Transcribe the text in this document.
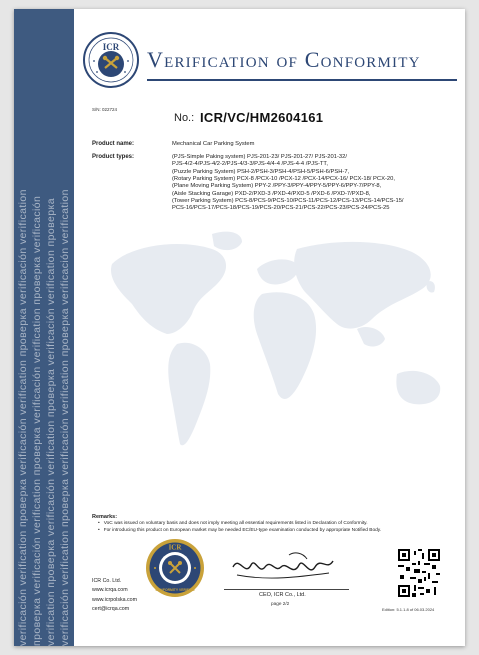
verificación verification проверка verificación verification проверка verificación verification
verification проверка verificación verification проверка verificación verification проверка
проверка verificación verification проверка verificación verification проверка verificación
verificación verification проверка verificación verification проверка verificación verification
ICR Verification of Conformity
S/N: 022724
No.: ICR/VC/HM2604161
Product name:	Mechanical Car Parking System
Product types:	(PJS-Simple Paking system) PJS-201-23/ PJS-201-27/ PJS-201-32/
PJS-4/2-4/PJS-4/2-2/PJS-4/3-3/PJS-4/4-4 /PJS-4-4 /PJS-TT,
(Puzzle Parking System) PSH-2/PSH-3/PSH-4/PSH-5/PSH-6/PSH-7,
(Rotary Parking System) PCX-8 /PCX-10 /PCX-12 /PCX-14/PCX-16/ PCX-18/ PCX-20,
(Plane Moving Parking System) PPY-2 /PPY-3/PPY-4/PPY-5/PPY-6/PPY-7/PPY-8,
(Aisle Stacking Garage) PXD-2/PXD-3 /PXD-4/PXD-5 /PXD-6 /PXD-7/PXD-8,
(Tower Parking System) PCS-8/PCS-9/PCS-10/PCS-11/PCS-12/PCS-13/PCS-14/PCS-15/
PCS-16/PCS-17/PCS-18/PCS-19/PCS-20/PCS-21/PCS-22/PCS-23/PCS-24/PCS-25
Remarks:
• VoC was issued on voluntary basis and does not imply meeting all essential requirements listed in Declaration of Conformity.
• For introducing this product on European market may be needed EC/EU-type examination conducted by appropriate Notified Body.
ICR
CONFORMITY VERIFIED
ICR Co. Ltd.
www.icrqa.com
www.icrpolska.com
cert@icrqa.com
CEO, ICR Co., Ltd.
page 2/2
Edition: 5.1.1.8 of 06.03.2024
